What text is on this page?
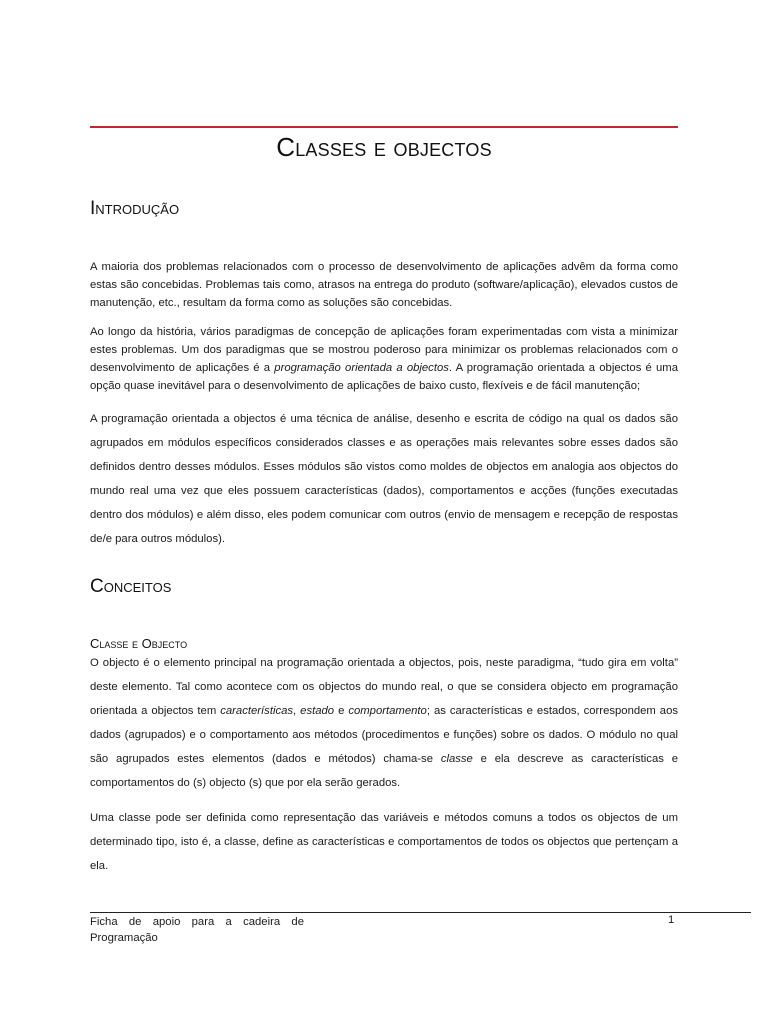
Classes e objectos
Introdução

A maioria dos problemas relacionados com o processo de desenvolvimento de aplicações advêm da forma como estas são concebidas. Problemas tais como, atrasos na entrega do produto (software/aplicação), elevados custos de manutenção, etc., resultam da forma como as soluções são concebidas.

Ao longo da história, vários paradigmas de concepção de aplicações foram experimentadas com vista a minimizar estes problemas. Um dos paradigmas que se mostrou poderoso para minimizar os problemas relacionados com o desenvolvimento de aplicações é a programação orientada a objectos. A programação orientada a objectos é uma opção quase inevitável para o desenvolvimento de aplicações de baixo custo, flexíveis e de fácil manutenção;

A programação orientada a objectos é uma técnica de análise, desenho e escrita de código na qual os dados são agrupados em módulos específicos considerados classes e as operações mais relevantes sobre esses dados são definidos dentro desses módulos. Esses módulos são vistos como moldes de objectos em analogia aos objectos do mundo real uma vez que eles possuem características (dados), comportamentos e acções (funções executadas dentro dos módulos) e além disso, eles podem comunicar com outros (envio de mensagem e recepção de respostas de/e para outros módulos).

Conceitos
Classe e Objecto

O objecto é o elemento principal na programação orientada a objectos, pois, neste paradigma, “tudo gira em volta” deste elemento. Tal como acontece com os objectos do mundo real, o que se considera objecto em programação orientada a objectos tem características, estado e comportamento; as características e estados, correspondem aos dados (agrupados) e o comportamento aos métodos (procedimentos e funções) sobre os dados. O módulo no qual são agrupados estes elementos (dados e métodos) chama-se classe e ela descreve as características e comportamentos do (s) objecto (s) que por ela serão gerados.

Uma classe pode ser definida como representação das variáveis e métodos comuns a todos os objectos de um determinado tipo, isto é, a classe, define as características e comportamentos de todos os objectos que pertençam a ela.

Ficha de apoio para a cadeira de
Programação
1
